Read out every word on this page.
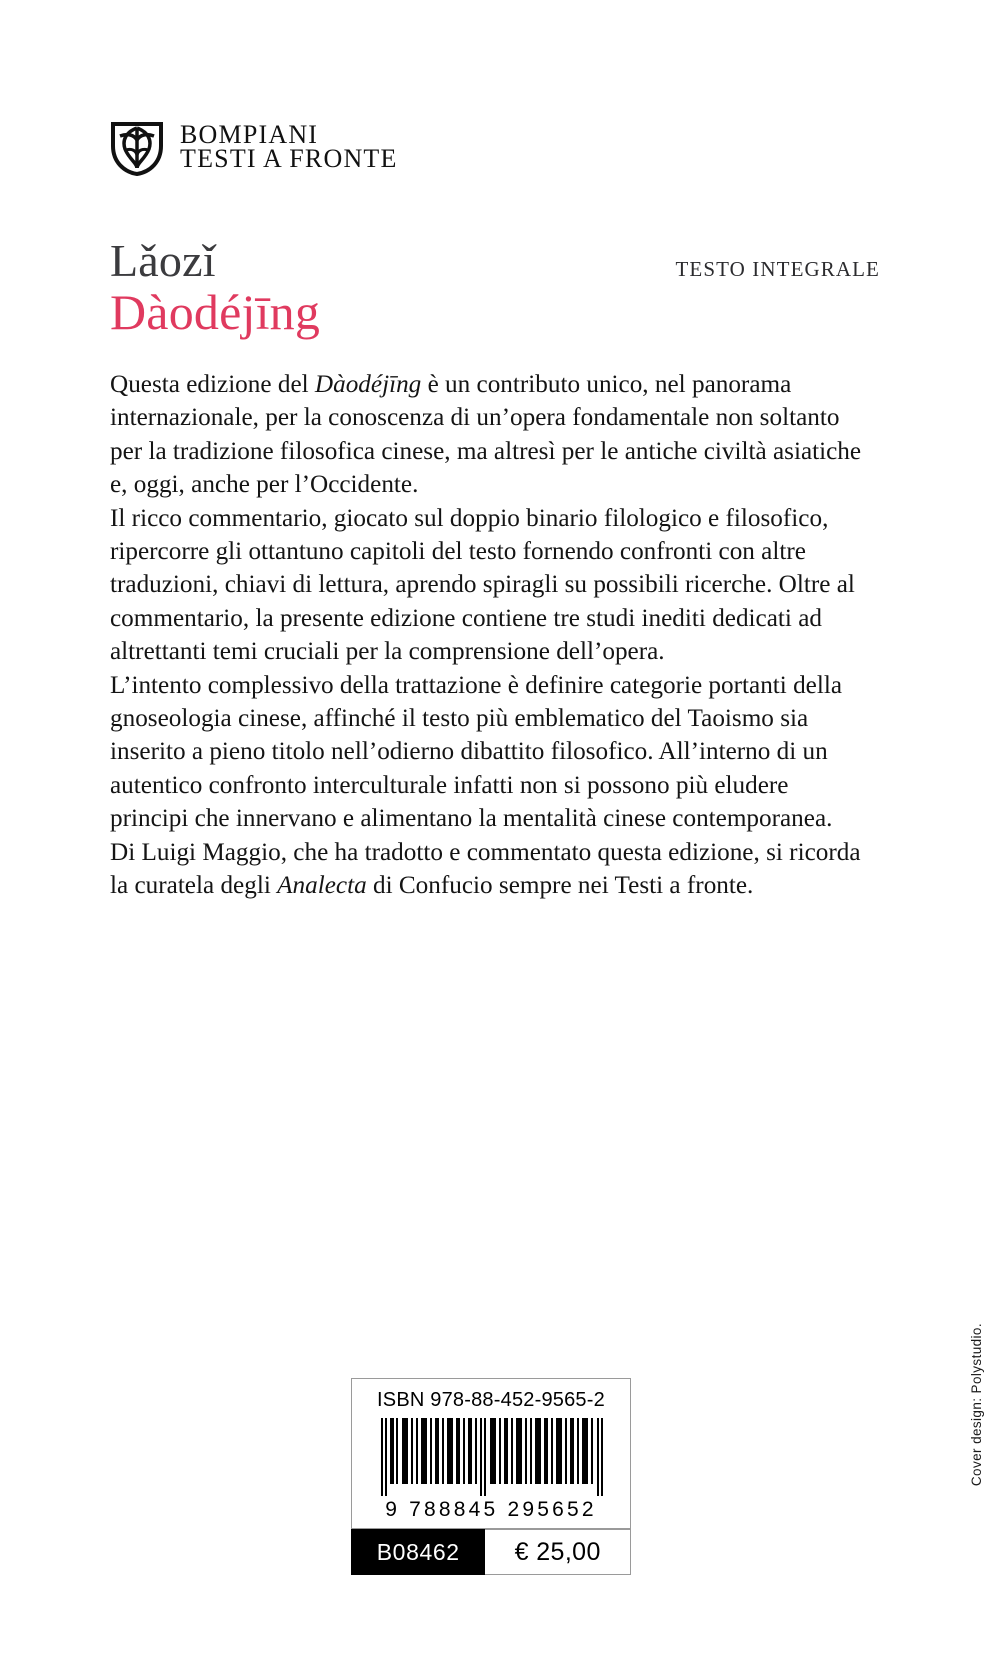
BOMPIANI
TESTI A FRONTE
Lǎozǐ
Dàodéjīng
TESTO INTEGRALE

Questa edizione del Dàodéjīng è un contributo unico, nel panorama internazionale, per la conoscenza di un’opera fondamentale non soltanto per la tradizione filosofica cinese, ma altresì per le antiche civiltà asiatiche e, oggi, anche per l’Occidente.

Il ricco commentario, giocato sul doppio binario filologico e filosofico, ripercorre gli ottantuno capitoli del testo fornendo confronti con altre traduzioni, chiavi di lettura, aprendo spiragli su possibili ricerche. Oltre al commentario, la presente edizione contiene tre studi inediti dedicati ad altrettanti temi cruciali per la comprensione dell’opera.

L’intento complessivo della trattazione è definire categorie portanti della gnoseologia cinese, affinché il testo più emblematico del Taoismo sia inserito a pieno titolo nell’odierno dibattito filosofico. All’interno di un autentico confronto interculturale infatti non si possono più eludere principi che innervano e alimentano la mentalità cinese contemporanea. Di Luigi Maggio, che ha tradotto e commentato questa edizione, si ricorda la curatela degli Analecta di Confucio sempre nei Testi a fronte.

ISBN 978-88-452-9565-2
9 788845 295652
B08462	€ 25,00
Cover design: Polystudio.
